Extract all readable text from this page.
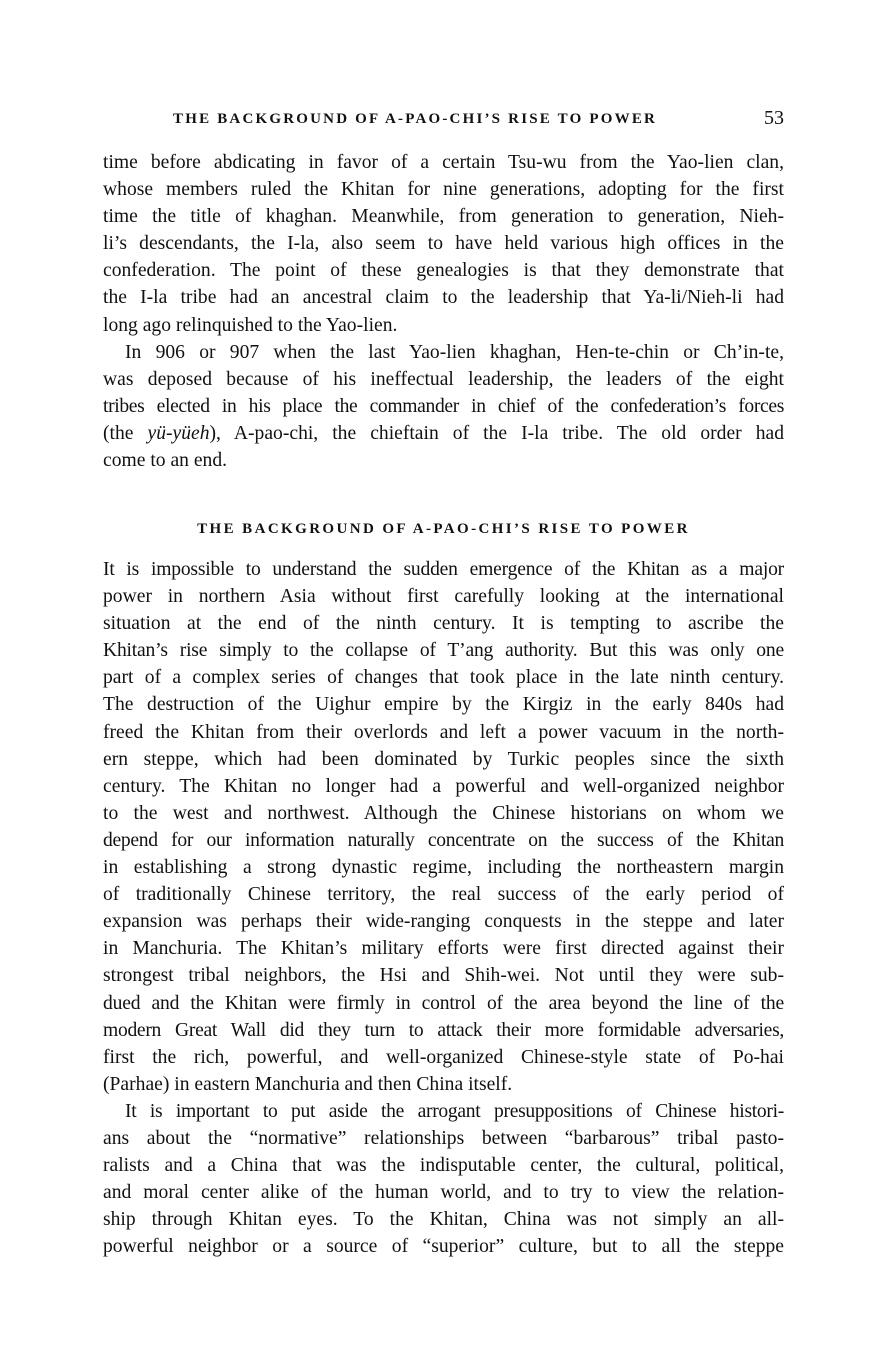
THE BACKGROUND OF A-PAO-CHI’S RISE TO POWER	53
time before abdicating in favor of a certain Tsu-wu from the Yao-lien clan,
whose members ruled the Khitan for nine generations, adopting for the first
time the title of khaghan. Meanwhile, from generation to generation, Nieh-
li’s descendants, the I-la, also seem to have held various high offices in the
confederation. The point of these genealogies is that they demonstrate that
the I-la tribe had an ancestral claim to the leadership that Ya-li/Nieh-li had
long ago relinquished to the Yao-lien.
In 906 or 907 when the last Yao-lien khaghan, Hen-te-chin or Ch’in-te,
was deposed because of his ineffectual leadership, the leaders of the eight
tribes elected in his place the commander in chief of the confederation’s forces
(the yü-yüeh), A-pao-chi, the chieftain of the I-la tribe. The old order had
come to an end.
THE BACKGROUND OF A-PAO-CHI’S RISE TO POWER
It is impossible to understand the sudden emergence of the Khitan as a major
power in northern Asia without first carefully looking at the international
situation at the end of the ninth century. It is tempting to ascribe the
Khitan’s rise simply to the collapse of T’ang authority. But this was only one
part of a complex series of changes that took place in the late ninth century.
The destruction of the Uighur empire by the Kirgiz in the early 840s had
freed the Khitan from their overlords and left a power vacuum in the north-
ern steppe, which had been dominated by Turkic peoples since the sixth
century. The Khitan no longer had a powerful and well-organized neighbor
to the west and northwest. Although the Chinese historians on whom we
depend for our information naturally concentrate on the success of the Khitan
in establishing a strong dynastic regime, including the northeastern margin
of traditionally Chinese territory, the real success of the early period of
expansion was perhaps their wide-ranging conquests in the steppe and later
in Manchuria. The Khitan’s military efforts were first directed against their
strongest tribal neighbors, the Hsi and Shih-wei. Not until they were sub-
dued and the Khitan were firmly in control of the area beyond the line of the
modern Great Wall did they turn to attack their more formidable adversaries,
first the rich, powerful, and well-organized Chinese-style state of Po-hai
(Parhae) in eastern Manchuria and then China itself.
It is important to put aside the arrogant presuppositions of Chinese histori-
ans about the “normative” relationships between “barbarous” tribal pasto-
ralists and a China that was the indisputable center, the cultural, political,
and moral center alike of the human world, and to try to view the relation-
ship through Khitan eyes. To the Khitan, China was not simply an all-
powerful neighbor or a source of “superior” culture, but to all the steppe
